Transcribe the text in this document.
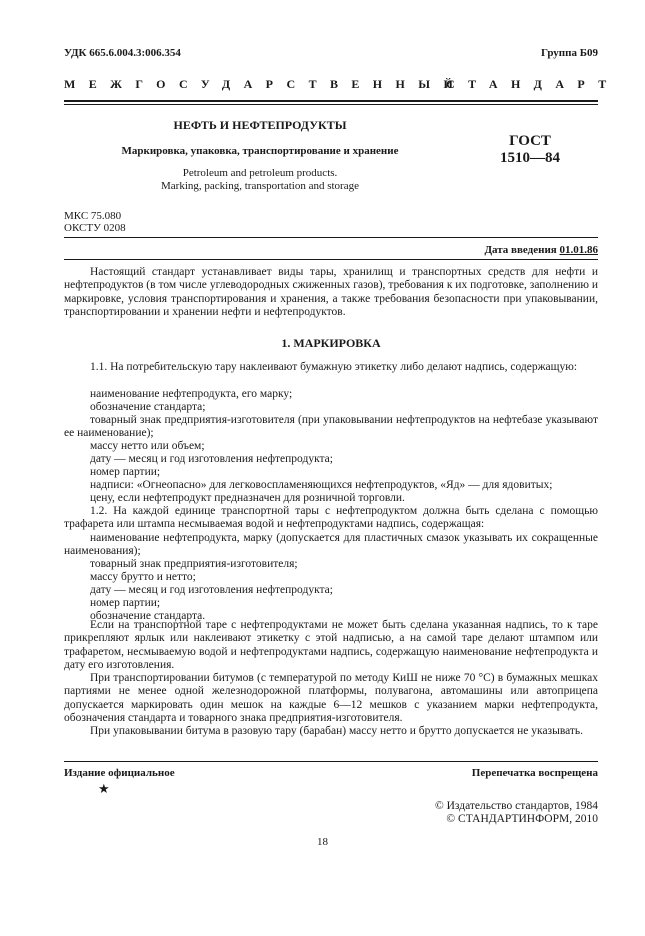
УДК 665.6.004.3:006.354	Группа Б09
МЕЖГОСУДАРСТВЕННЫЙ
СТАНДАРТ
НЕФТЬ И НЕФТЕПРОДУКТЫ
Маркировка, упаковка, транспортирование и хранение
Petroleum and petroleum products.
Marking, packing, transportation and storage
ГОСТ
1510—84
МКС 75.080
ОКСТУ 0208
Дата введения 01.01.86
Настоящий стандарт устанавливает виды тары, хранилищ и транспортных средств для нефти и нефтепродуктов (в том числе углеводородных сжиженных газов), требования к их подготовке, заполнению и маркировке, условия транспортирования и хранения, а также требования безопасности при упаковывании, транспортировании и хранении нефти и нефтепродуктов.
1. МАРКИРОВКА
1.1. На потребительскую тару наклеивают бумажную этикетку либо делают надпись, содержащую:
наименование нефтепродукта, его марку;
обозначение стандарта;
товарный знак предприятия-изготовителя (при упаковывании нефтепродуктов на нефтебазе указывают ее наименование);
массу нетто или объем;
дату — месяц и год изготовления нефтепродукта;
номер партии;
надписи: «Огнеопасно» для легковоспламеняющихся нефтепродуктов, «Яд» — для ядовитых;
цену, если нефтепродукт предназначен для розничной торговли.
1.2. На каждой единице транспортной тары с нефтепродуктом должна быть сделана с помощью трафарета или штампа несмываемая водой и нефтепродуктами надпись, содержащая:
наименование нефтепродукта, марку (допускается для пластичных смазок указывать их сокращенные наименования);
товарный знак предприятия-изготовителя;
массу брутто и нетто;
дату — месяц и год изготовления нефтепродукта;
номер партии;
обозначение стандарта.
Если на транспортной таре с нефтепродуктами не может быть сделана указанная надпись, то к таре прикрепляют ярлык или наклеивают этикетку с этой надписью, а на самой таре делают штампом или трафаретом, несмываемую водой и нефтепродуктами надпись, содержащую наименование нефтепродукта и дату его изготовления.
При транспортировании битумов (с температурой по методу КиШ не ниже 70 °С) в бумажных мешках партиями не менее одной железнодорожной платформы, полувагона, автомашины или автоприцепа допускается маркировать один мешок на каждые 6—12 мешков с указанием марки нефтепродукта, обозначения стандарта и товарного знака предприятия-изготовителя.
При упаковывании битума в разовую тару (барабан) массу нетто и брутто допускается не указывать.
Издание официальное	Перепечатка воспрещена
★
© Издательство стандартов, 1984
© СТАНДАРТИНФОРМ, 2010
18
